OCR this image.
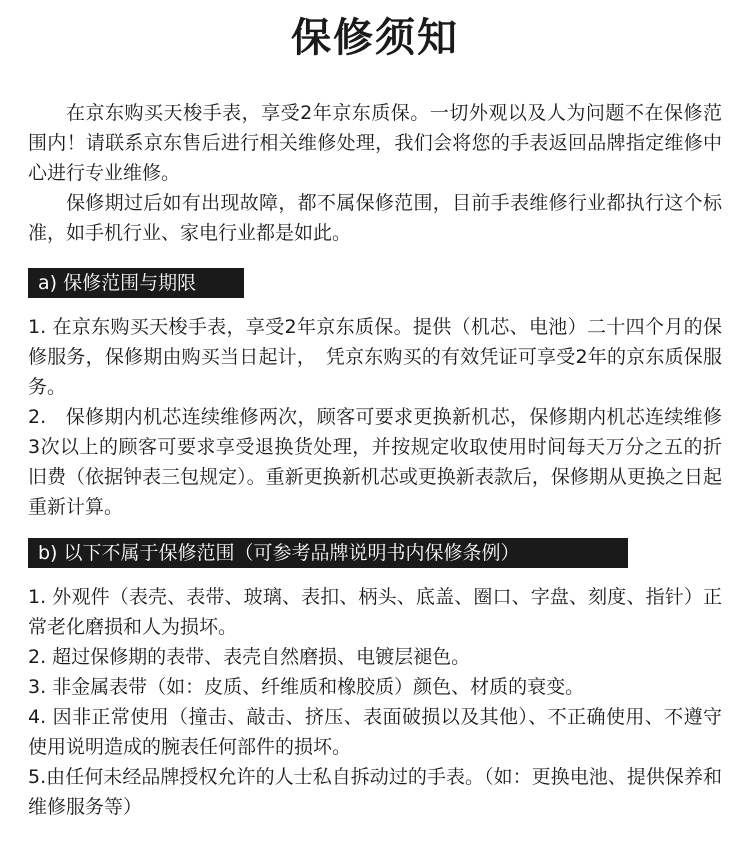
保修须知

在京东购买天梭手表，享受2年京东质保。一切外观以及人为问题不在保修范围内！请联系京东售后进行相关维修处理，我们会将您的手表返回品牌指定维修中心进行专业维修。

保修期过后如有出现故障，都不属保修范围，目前手表维修行业都执行这个标准，如手机行业、家电行业都是如此。

a) 保修范围与期限

1. 在京东购买天梭手表，享受2年京东质保。提供（机芯、电池）二十四个月的保修服务，保修期由购买当日起计，　凭京东购买的有效凭证可享受2年的京东质保服务。

2.　保修期内机芯连续维修两次，顾客可要求更换新机芯，保修期内机芯连续维修3次以上的顾客可要求享受退换货处理，并按规定收取使用时间每天万分之五的折旧费（依据钟表三包规定）。重新更换新机芯或更换新表款后，保修期从更换之日起重新计算。

b) 以下不属于保修范围（可参考品牌说明书内保修条例）

1. 外观件（表壳、表带、玻璃、表扣、柄头、底盖、圈口、字盘、刻度、指针）正常老化磨损和人为损坏。

2. 超过保修期的表带、表壳自然磨损、电镀层褪色。

3. 非金属表带（如：皮质、纤维质和橡胶质）颜色、材质的衰变。

4. 因非正常使用（撞击、敲击、挤压、表面破损以及其他）、不正确使用、不遵守使用说明造成的腕表任何部件的损坏。

5.由任何未经品牌授权允许的人士私自拆动过的手表。（如：更换电池、提供保养和维修服务等）
